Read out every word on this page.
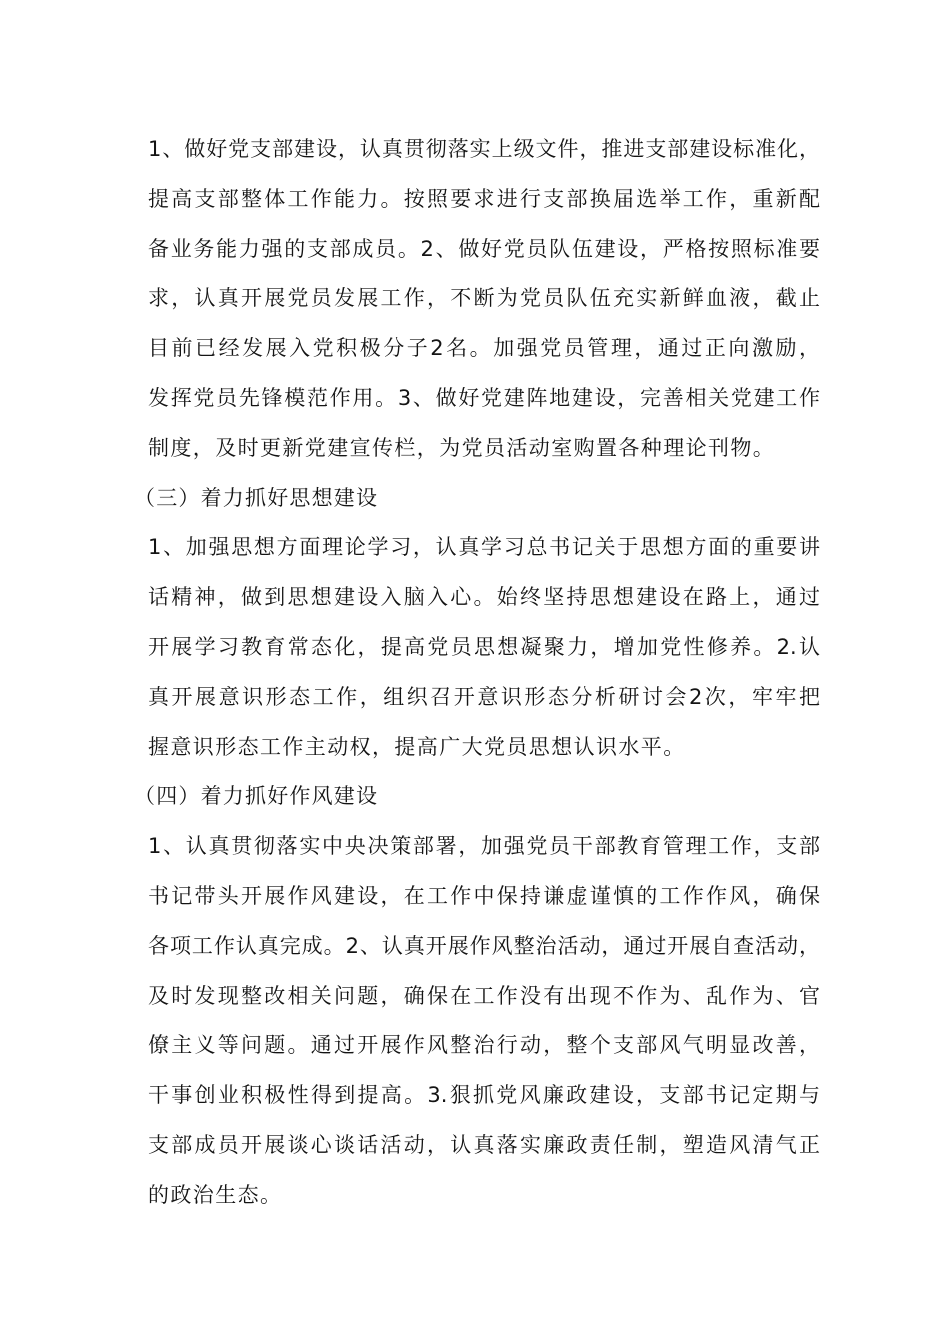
1、做好党支部建设，认真贯彻落实上级文件，推进支部建设标准化，
提高支部整体工作能力。按照要求进行支部换届选举工作，重新配
备业务能力强的支部成员。2、做好党员队伍建设，严格按照标准要
求，认真开展党员发展工作，不断为党员队伍充实新鲜血液，截止
目前已经发展入党积极分子2名。加强党员管理，通过正向激励，
发挥党员先锋模范作用。3、做好党建阵地建设，完善相关党建工作
制度，及时更新党建宣传栏，为党员活动室购置各种理论刊物。
（三）着力抓好思想建设
1、加强思想方面理论学习，认真学习总书记关于思想方面的重要讲
话精神，做到思想建设入脑入心。始终坚持思想建设在路上，通过
开展学习教育常态化，提高党员思想凝聚力，增加党性修养。2.认
真开展意识形态工作，组织召开意识形态分析研讨会2次，牢牢把
握意识形态工作主动权，提高广大党员思想认识水平。
（四）着力抓好作风建设
1、认真贯彻落实中央决策部署，加强党员干部教育管理工作，支部
书记带头开展作风建设，在工作中保持谦虚谨慎的工作作风，确保
各项工作认真完成。2、认真开展作风整治活动，通过开展自查活动，
及时发现整改相关问题，确保在工作没有出现不作为、乱作为、官
僚主义等问题。通过开展作风整治行动，整个支部风气明显改善，
干事创业积极性得到提高。3.狠抓党风廉政建设，支部书记定期与
支部成员开展谈心谈话活动，认真落实廉政责任制，塑造风清气正
的政治生态。
